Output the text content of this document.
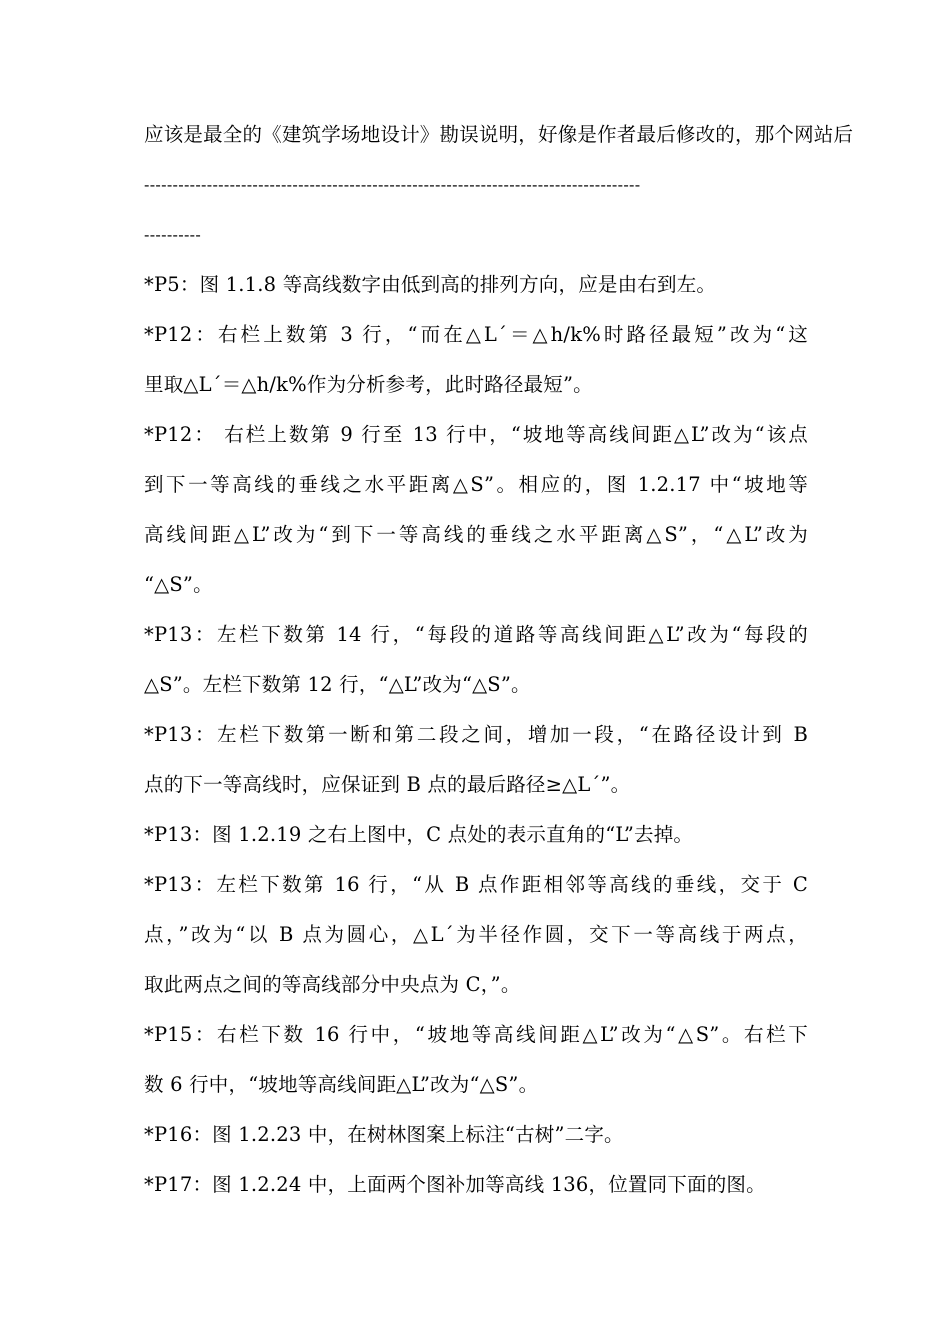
应该是最全的《建筑学场地设计》勘误说明，好像是作者最后修改的，那个网站后
---------------------------------------------------------------------------------------
----------
*P5：图 1.1.8 等高线数字由低到高的排列方向，应是由右到左。
*P12：右栏上数第 3 行，“而在△L´＝△h/k%时路径最短”改为“这
里取△L´＝△h/k%作为分析参考，此时路径最短”。
*P12： 右栏上数第 9 行至 13 行中，“坡地等高线间距△L”改为“该点
到下一等高线的垂线之水平距离△S”。相应的，图 1.2.17 中“坡地等
高线间距△L”改为“到下一等高线的垂线之水平距离△S”，“△L”改为
“△S”。
*P13：左栏下数第 14 行，“每段的道路等高线间距△L”改为“每段的
△S”。左栏下数第 12 行，“△L”改为“△S”。
*P13：左栏下数第一断和第二段之间，增加一段，“在路径设计到 B
点的下一等高线时，应保证到 B 点的最后路径≥△L´”。
*P13：图 1.2.19 之右上图中，C 点处的表示直角的“L”去掉。
*P13：左栏下数第 16 行，“从 B 点作距相邻等高线的垂线，交于 C
点，”改为“以 B 点为圆心，△L´为半径作圆，交下一等高线于两点，
取此两点之间的等高线部分中央点为 C，”。
*P15：右栏下数 16 行中，“坡地等高线间距△L”改为“△S”。右栏下
数 6 行中，“坡地等高线间距△L”改为“△S”。
*P16：图 1.2.23 中，在树林图案上标注“古树”二字。
*P17：图 1.2.24 中，上面两个图补加等高线 136，位置同下面的图。
